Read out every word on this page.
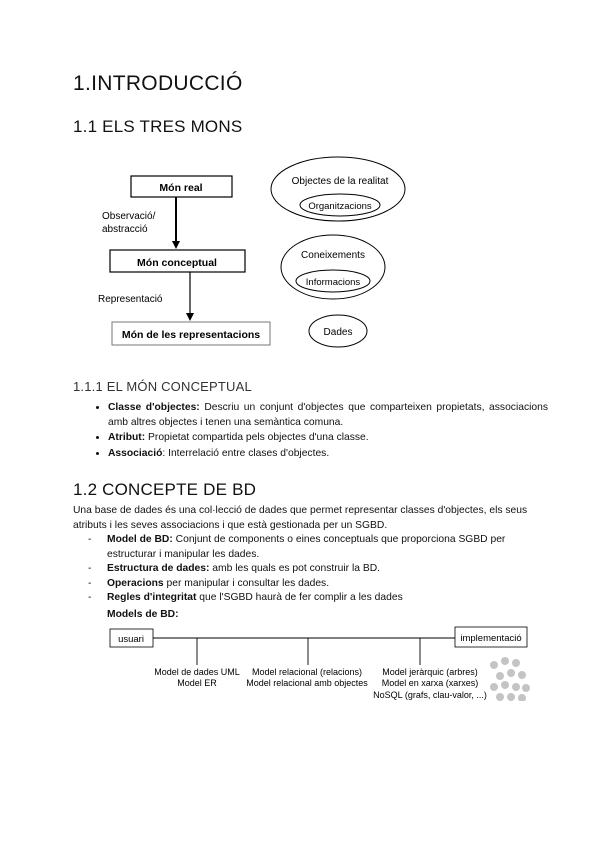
1.INTRODUCCIÓ
1.1 ELS TRES MONS
Món real
Món conceptual
Món de les representacions
Observació/
abstracció
Representació
Objectes de la realitat
Organitzacions
Coneixements
Informacions
Dades
1.1.1 EL MÓN CONCEPTUAL
• Classe d'objectes: Descriu un conjunt d'objectes que comparteixen propietats, associacions amb altres objectes i tenen una semàntica comuna.
• Atribut: Propietat compartida pels objectes d'una classe.
• Associació: Interrelació entre clases d'objectes.
1.2 CONCEPTE DE BD

Una base de dades és una col·lecció de dades que permet representar classes d'objectes, els seus atributs i les seves associacions i que està gestionada per un SGBD.

- Model de BD: Conjunt de components o eines conceptuals que proporciona SGBD per estructurar i manipular les dades.
- Estructura de dades: amb les quals es pot construir la BD.
- Operacions per manipular i consultar les dades.
- Regles d'integritat que l'SGBD haurà de fer complir a les dades
Models de BD:
usuari	implementació
Model de dades UML
Model ER
Model relacional (relacions)
Model relacional amb objectes
Model jeràrquic (arbres)
Model en xarxa (xarxes)
NoSQL (grafs, clau-valor, ...)
